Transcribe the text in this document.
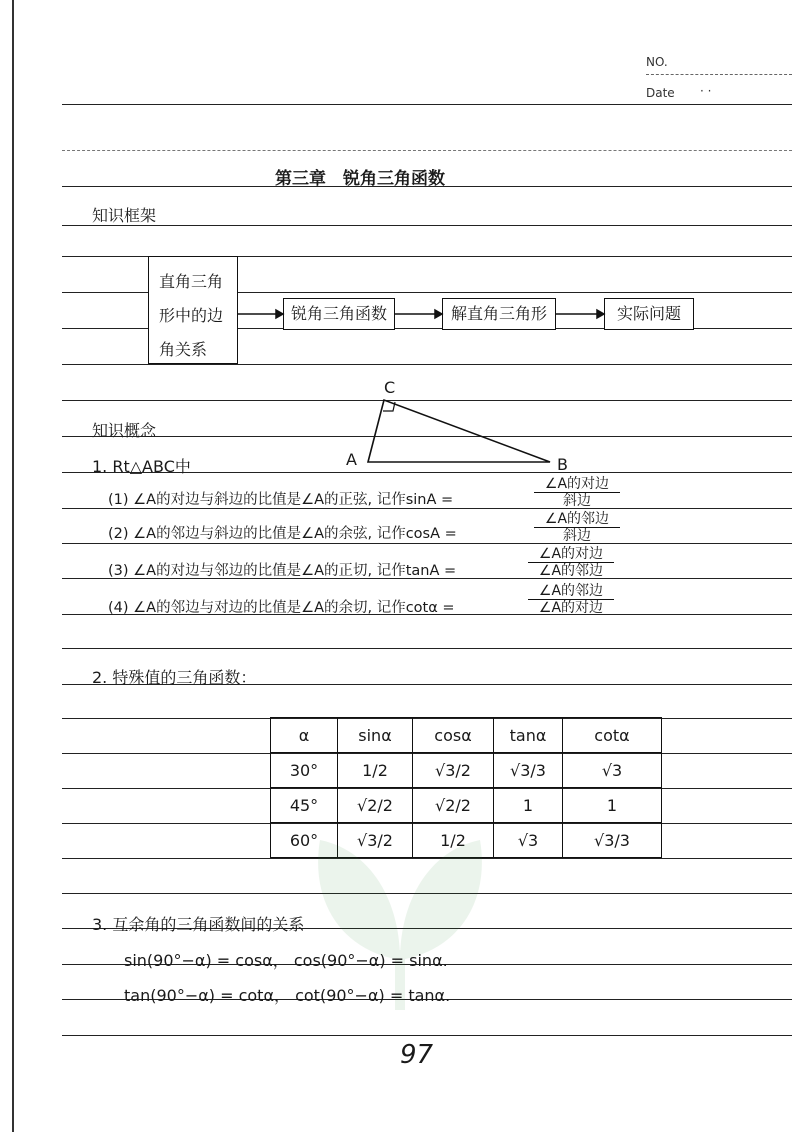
NO.
Date · ·
第三章　锐角三角函数
知识框架
直角三角
形中的边
角关系
锐角三角函数	解直角三角形	实际问题
A	B
C
知识概念
1. Rt△ABC中
(1) ∠A的对边与斜边的比值是∠A的正弦, 记作sinA =
∠A的对边
斜边
(2) ∠A的邻边与斜边的比值是∠A的余弦, 记作cosA =
∠A的邻边
斜边
(3) ∠A的对边与邻边的比值是∠A的正切, 记作tanA =
∠A的对边
∠A的邻边
(4) ∠A的邻边与对边的比值是∠A的余切, 记作cotα =
∠A的邻边
∠A的对边
2. 特殊值的三角函数：
α	sinα	cosα	tanα	cotα
30°	1/2	√3/2	√3/3	√3
45°	√2/2	√2/2	1	1
60°	√3/2	1/2	√3	√3/3
3. 互余角的三角函数间的关系
sin(90°−α) = cosα， cos(90°−α) = sinα.
tan(90°−α) = cotα， cot(90°−α) = tanα.
97
